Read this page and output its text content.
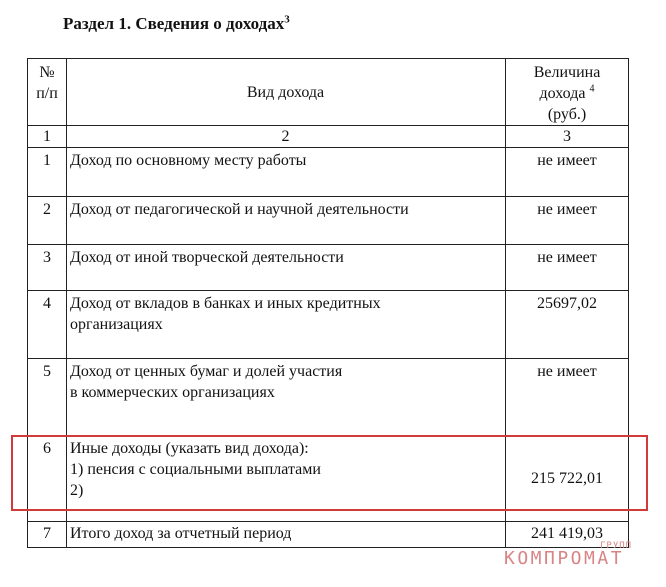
Раздел 1. Сведения о доходах$^3$
№
п/п	Вид дохода	Величина
дохода $^4$
(руб.)
1	2	3
1	Доход по основному месту работы	не имеет
2	Доход от педагогической и научной деятельности	не имеет
3	Доход от иной творческой деятельности	не имеет
4	Доход от вкладов в банках и иных кредитных
организациях	25697,02
5	Доход от ценных бумаг и долей участия
в коммерческих организациях	не имеет
6	Иные доходы (указать вид дохода):
1) пенсия с социальными выплатами
2)	215 722,01
7	Итого доход за отчетный период	241 419,03
КОМПРОМАТ
ГРУПП
